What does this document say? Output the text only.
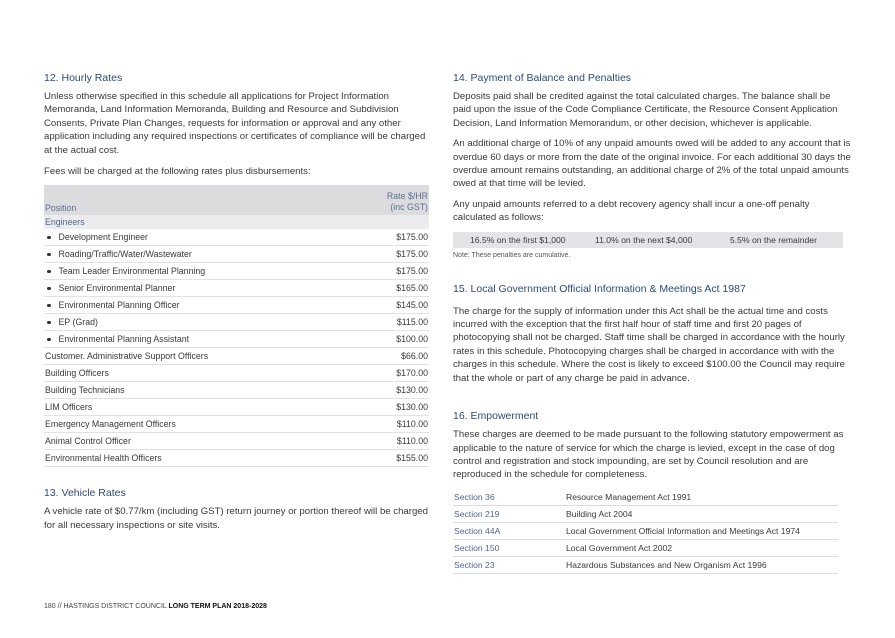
12. Hourly Rates

Unless otherwise specified in this schedule all applications for Project Information Memoranda, Land Information Memoranda, Building and Resource and Subdivision Consents, Private Plan Changes, requests for information or approval and any other application including any required inspections or certificates of compliance will be charged at the actual cost.

Fees will be charged at the following rates plus disbursements:

Position	Rate $/HR
(inc GST)
Engineers	
Development Engineer	$175.00
Roading/Traffic/Water/Wastewater	$175.00
Team Leader Environmental Planning	$175.00
Senior Environmental Planner	$165.00
Environmental Planning Officer	$145.00
EP (Grad)	$115.00
Environmental Planning Assistant	$100.00
Customer. Administrative Support Officers	$66.00
Building Officers	$170.00
Building Technicians	$130.00
LIM Officers	$130.00
Emergency Management Officers	$110.00
Animal Control Officer	$110.00
Environmental Health Officers	$155.00
13. Vehicle Rates

A vehicle rate of $0.77/km (including GST) return journey or portion thereof will be charged for all necessary inspections or site visits.

14. Payment of Balance and Penalties

Deposits paid shall be credited against the total calculated charges. The balance shall be paid upon the issue of the Code Compliance Certificate, the Resource Consent Application Decision, Land Information Memorandum, or other decision, whichever is applicable.

An additional charge of 10% of any unpaid amounts owed will be added to any account that is overdue 60 days or more from the date of the original invoice. For each additional 30 days the overdue amount remains outstanding, an additional charge of 2% of the total unpaid amounts owed at that time will be levied.

Any unpaid amounts referred to a debt recovery agency shall incur a one-off penalty calculated as follows:

16.5% on the first $1,000	11.0% on the next $4,000	5.5% on the remainder
Note: These penalties are cumulative.
15. Local Government Official Information & Meetings Act 1987

The charge for the supply of information under this Act shall be the actual time and costs incurred with the exception that the first half hour of staff time and first 20 pages of photocopying shall not be charged. Staff time shall be charged in accordance with the hourly rates in this schedule. Photocopying charges shall be charged in accordance with with the charges in this schedule. Where the cost is likely to exceed $100.00 the Council may require that the whole or part of any charge be paid in advance.

16. Empowerment

These charges are deemed to be made pursuant to the following statutory empowerment as applicable to the nature of service for which the charge is levied, except in the case of dog control and registration and stock impounding, are set by Council resolution and are reproduced in the schedule for completeness.

Section 36	Resource Management Act 1991
Section 219	Building Act 2004
Section 44A	Local Government Official Information and Meetings Act 1974
Section 150	Local Government Act 2002
Section 23	Hazardous Substances and New Organism Act 1996
180 // HASTINGS DISTRICT COUNCIL LONG TERM PLAN 2018-2028
